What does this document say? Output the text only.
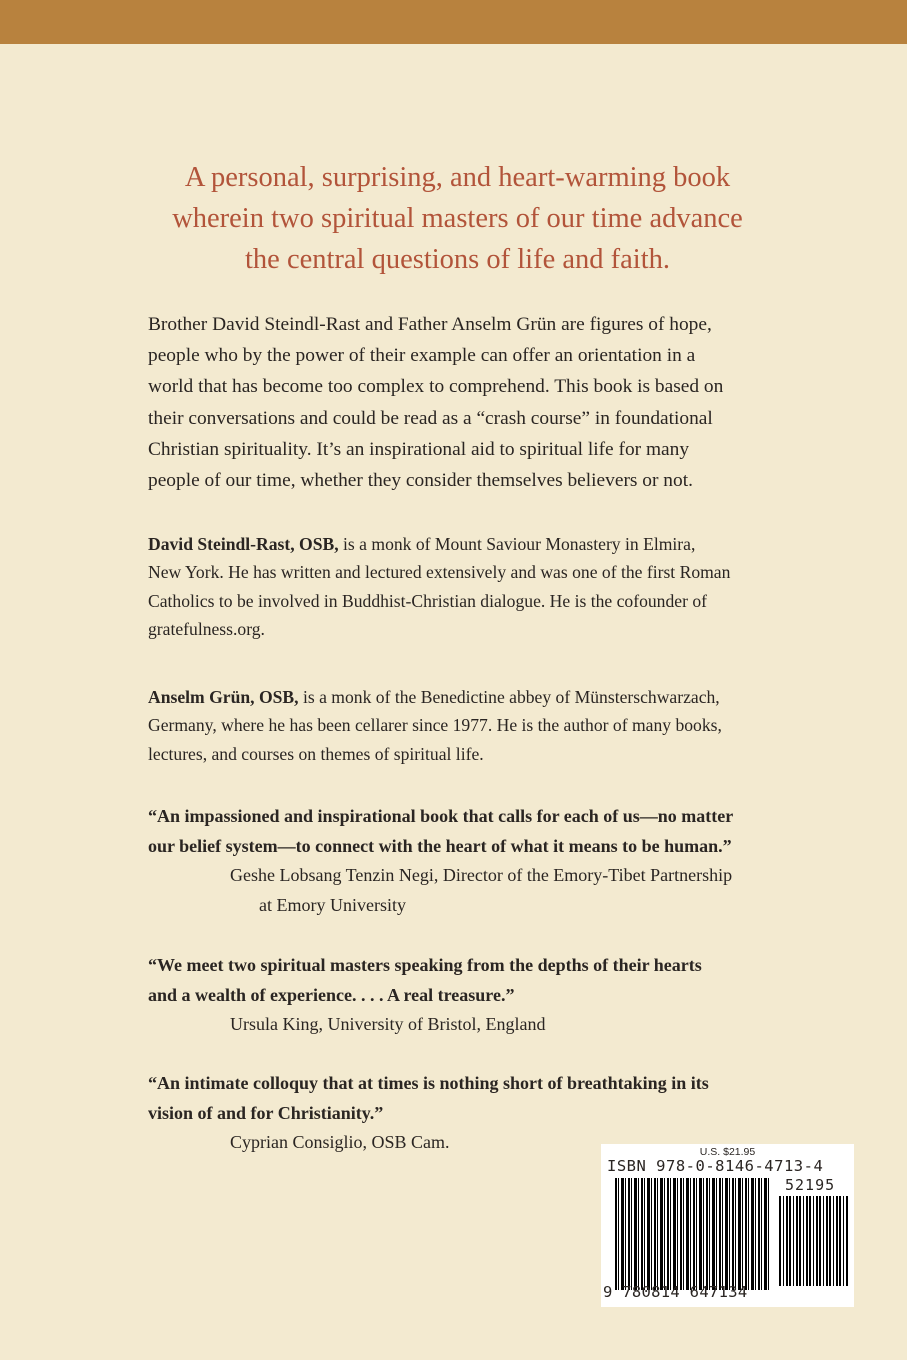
A personal, surprising, and heart-warming book
wherein two spiritual masters of our time advance
the central questions of life and faith.
Brother David Steindl-Rast and Father Anselm Grün are figures of hope,
people who by the power of their example can offer an orientation in a
world that has become too complex to comprehend. This book is based on
their conversations and could be read as a “crash course” in foundational
Christian spirituality. It’s an inspirational aid to spiritual life for many
people of our time, whether they consider themselves believers or not.
David Steindl-Rast, OSB, is a monk of Mount Saviour Monastery in Elmira,
New York. He has written and lectured extensively and was one of the first Roman
Catholics to be involved in Buddhist-Christian dialogue. He is the cofounder of
gratefulness.org.
Anselm Grün, OSB, is a monk of the Benedictine abbey of Münsterschwarzach,
Germany, where he has been cellarer since 1977. He is the author of many books,
lectures, and courses on themes of spiritual life.
“An impassioned and inspirational book that calls for each of us—no matter
our belief system—to connect with the heart of what it means to be human.”
Geshe Lobsang Tenzin Negi, Director of the Emory-Tibet Partnership
at Emory University
“We meet two spiritual masters speaking from the depths of their hearts
and a wealth of experience. . . . A real treasure.”
Ursula King, University of Bristol, England
“An intimate colloquy that at times is nothing short of breathtaking in its
vision of and for Christianity.”
Cyprian Consiglio, OSB Cam.	U.S. $21.95
ISBN 978-0-8146-4713-4
52195
9 780814 647134
